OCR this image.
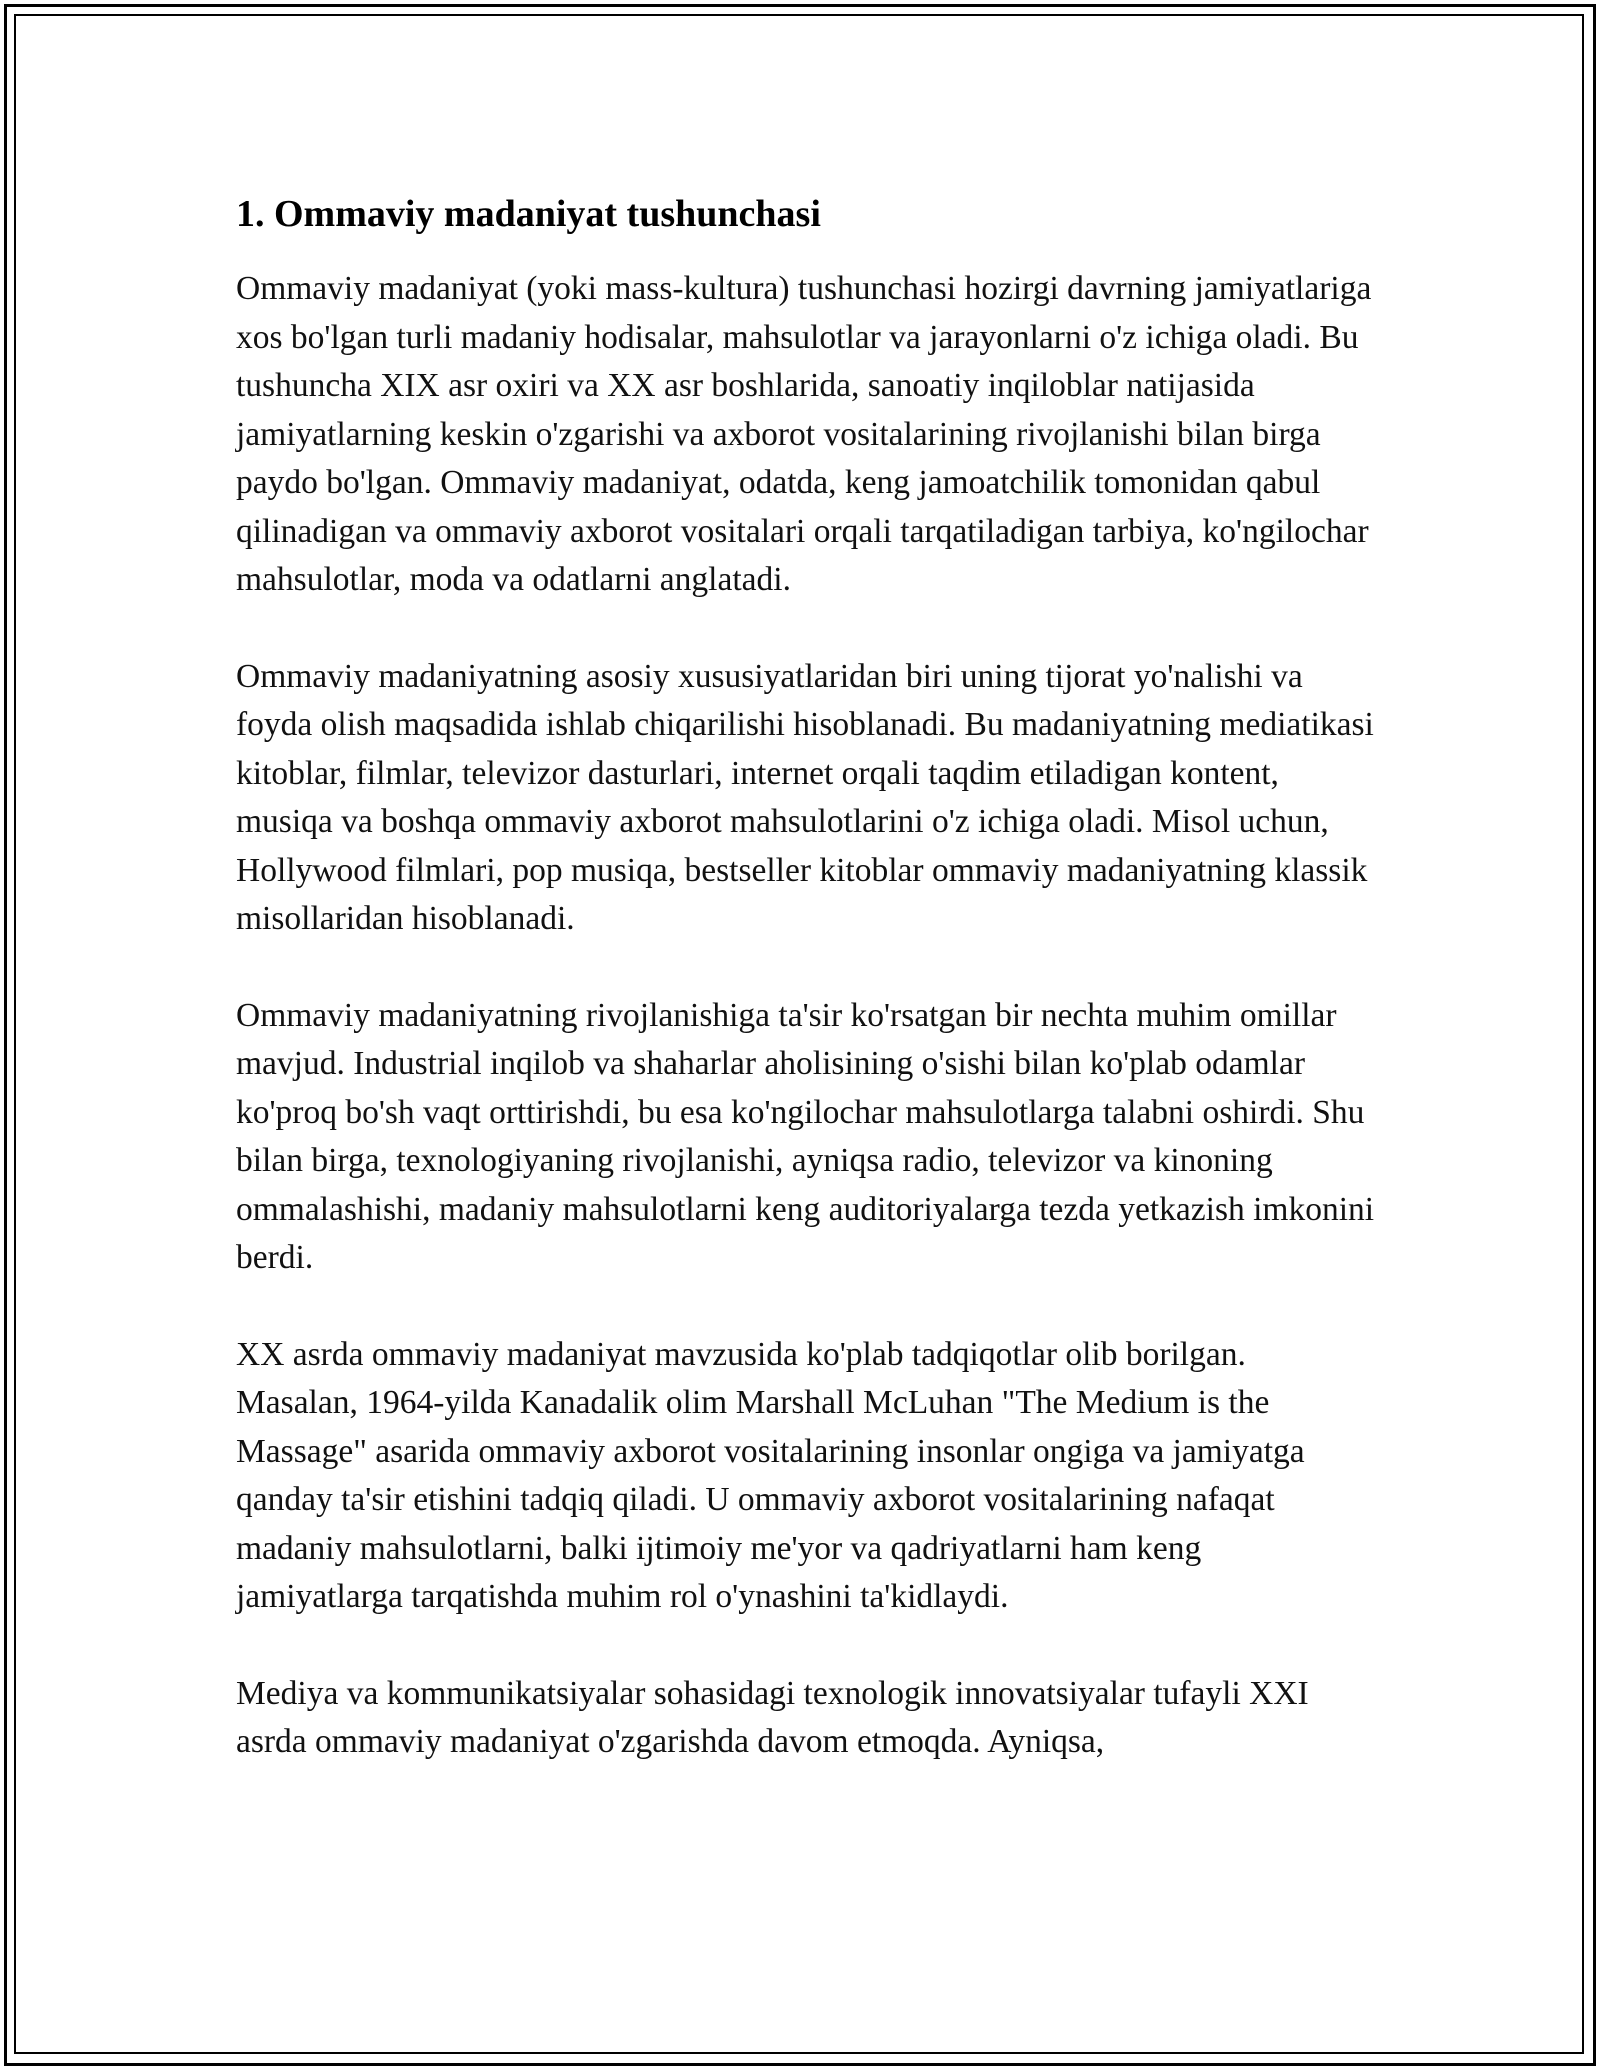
1. Ommaviy madaniyat tushunchasi

Ommaviy madaniyat (yoki mass-kultura) tushunchasi hozirgi davrning jamiyatlariga xos bo'lgan turli madaniy hodisalar, mahsulotlar va jarayonlarni o'z ichiga oladi. Bu tushuncha XIX asr oxiri va XX asr boshlarida, sanoatiy inqiloblar natijasida jamiyatlarning keskin o'zgarishi va axborot vositalarining rivojlanishi bilan birga paydo bo'lgan. Ommaviy madaniyat, odatda, keng jamoatchilik tomonidan qabul qilinadigan va ommaviy axborot vositalari orqali tarqatiladigan tarbiya, ko'ngilochar mahsulotlar, moda va odatlarni anglatadi.

Ommaviy madaniyatning asosiy xususiyatlaridan biri uning tijorat yo'nalishi va foyda olish maqsadida ishlab chiqarilishi hisoblanadi. Bu madaniyatning mediatikasi kitoblar, filmlar, televizor dasturlari, internet orqali taqdim etiladigan kontent, musiqa va boshqa ommaviy axborot mahsulotlarini o'z ichiga oladi. Misol uchun, Hollywood filmlari, pop musiqa, bestseller kitoblar ommaviy madaniyatning klassik misollaridan hisoblanadi.

Ommaviy madaniyatning rivojlanishiga ta'sir ko'rsatgan bir nechta muhim omillar mavjud. Industrial inqilob va shaharlar aholisining o'sishi bilan ko'plab odamlar ko'proq bo'sh vaqt orttirishdi, bu esa ko'ngilochar mahsulotlarga talabni oshirdi. Shu bilan birga, texnologiyaning rivojlanishi, ayniqsa radio, televizor va kinoning ommalashishi, madaniy mahsulotlarni keng auditoriyalarga tezda yetkazish imkonini berdi.

XX asrda ommaviy madaniyat mavzusida ko'plab tadqiqotlar olib borilgan. Masalan, 1964-yilda Kanadalik olim Marshall McLuhan "The Medium is the Massage" asarida ommaviy axborot vositalarining insonlar ongiga va jamiyatga qanday ta'sir etishini tadqiq qiladi. U ommaviy axborot vositalarining nafaqat madaniy mahsulotlarni, balki ijtimoiy me'yor va qadriyatlarni ham keng jamiyatlarga tarqatishda muhim rol o'ynashini ta'kidlaydi.

Mediya va kommunikatsiyalar sohasidagi texnologik innovatsiyalar tufayli XXI asrda ommaviy madaniyat o'zgarishda davom etmoqda. Ayniqsa,
